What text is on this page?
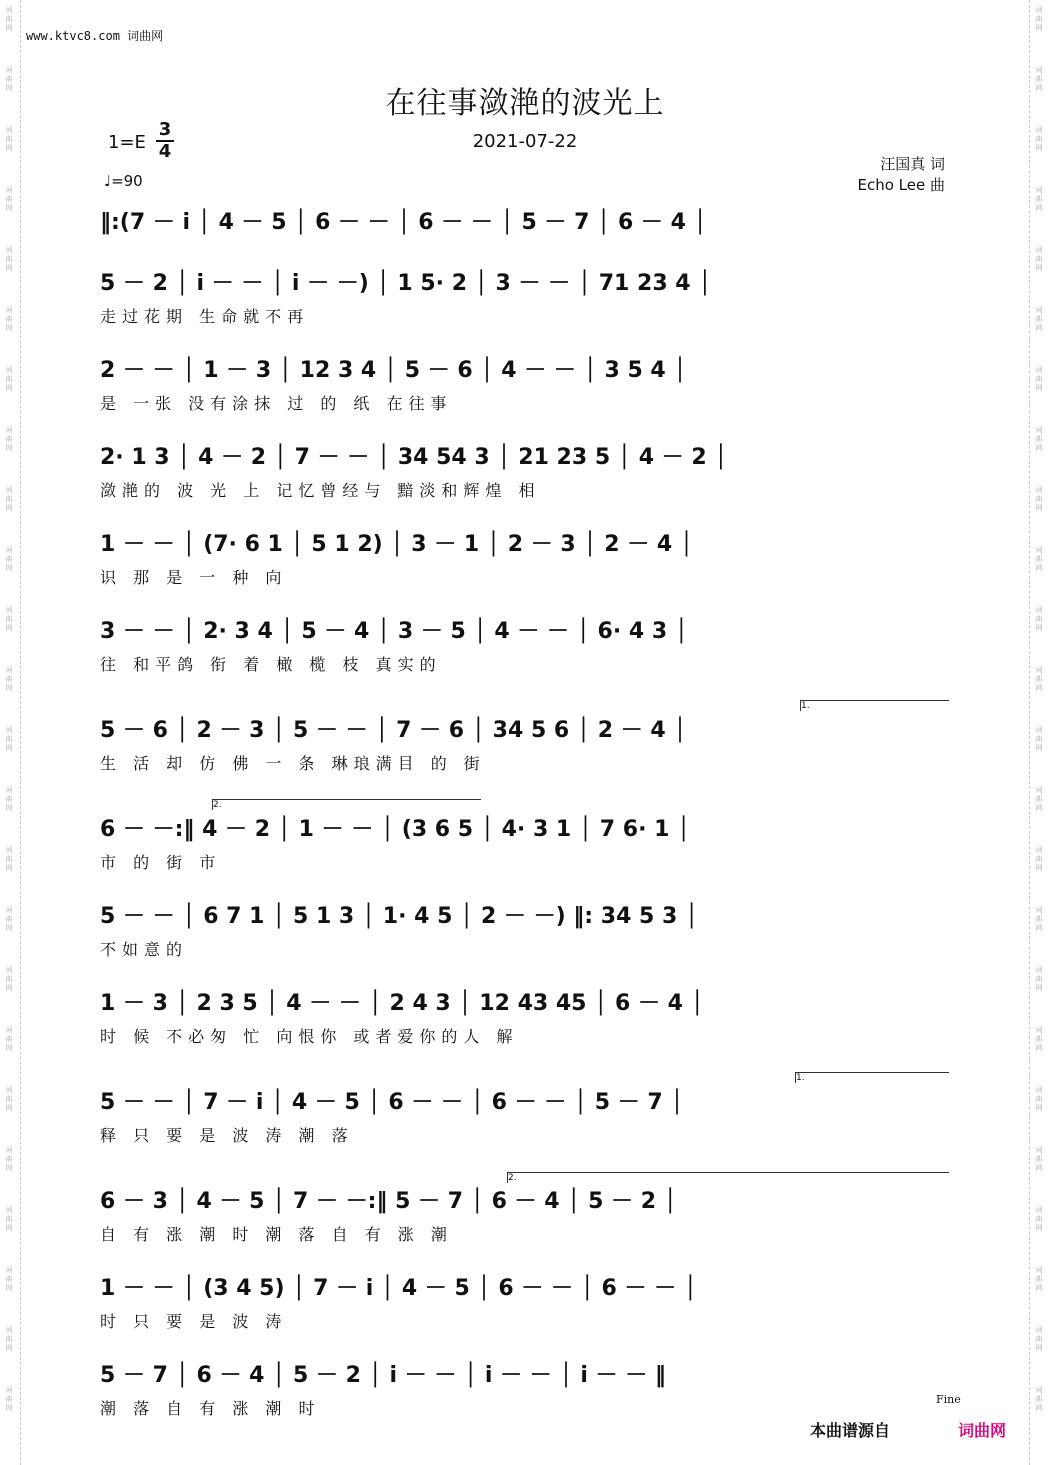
词
曲
网
词
曲
网
词
曲
网
词
曲
网
词
曲
网
词
曲
网
词
曲
网
词
曲
网
词
曲
网
词
曲
网
词
曲
网
词
曲
网
词
曲
网
词
曲
网
词
曲
网
词
曲
网
词
曲
网
词
曲
网
词
曲
网
词
曲
网
词
曲
网
词
曲
网
词
曲
网
词
曲
网
词
曲
网
词
曲
网
词
曲
网
词
曲
网
词
曲
网
词
曲
网
词
曲
网
词
曲
网
词
曲
网
词
曲
网
词
曲
网
词
曲
网
词
曲
网
词
曲
网
词
曲
网
词
曲
网
词
曲
网
词
曲
网
词
曲
网
词
曲
网
词
曲
网
词
曲
网
词
曲
网
词
曲
网
www.ktvc8.com 词曲网
在往事潋滟的波光上
2021-07-22
$1=E \frac{3}{4}$
♩=90
汪国真 词
Echo Lee 曲
‖:(7 － i │ 4 － 5 │ 6 － － │ 6 － － │ 5 － 7 │ 6 － 4 │
5 － 2 │ i － － │ i － －) │ 1 5· 2 │ 3 － － │ 71 23 4 │
走过花期 生命就不再
2 － － │ 1 － 3 │ 12 3 4 │ 5 － 6 │ 4 － － │ 3 5 4 │
是 一张 没有涂抹 过 的 纸 在往事
2· 1 3 │ 4 － 2 │ 7 － － │ 34 54 3 │ 21 23 5 │ 4 － 2 │
潋滟的 波 光 上 记忆曾经与 黯淡和辉煌 相
1 － － │ (7· 6 1 │ 5 1 2) │ 3 － 1 │ 2 － 3 │ 2 － 4 │
识 那 是 一 种 向
3 － － │ 2· 3 4 │ 5 － 4 │ 3 － 5 │ 4 － － │ 6· 4 3 │
往 和平鸽 衔 着 橄 榄 枝 真实的
5 － 6 │ 2 － 3 │ 5 － － │ 7 － 6 │ 34 5 6 │ 2 － 4 │
生 活 却 仿 佛 一 条 琳琅满目 的 街
6 － －:‖ 4 － 2 │ 1 － － │ (3 6 5 │ 4· 3 1 │ 7 6· 1 │
市 的 街 市
5 － － │ 6 7 1 │ 5 1 3 │ 1· 4 5 │ 2 － －) ‖: 34 5 3 │
不如意的
1 － 3 │ 2 3 5 │ 4 － － │ 2 4 3 │ 12 43 45 │ 6 － 4 │
时 候 不必匆 忙 向恨你 或者爱你的人 解
5 － － │ 7 － i │ 4 － 5 │ 6 － － │ 6 － － │ 5 － 7 │
释 只 要 是 波 涛 潮 落
6 － 3 │ 4 － 5 │ 7 － －:‖ 5 － 7 │ 6 － 4 │ 5 － 2 │
自 有 涨 潮 时 潮 落 自 有 涨 潮
1 － － │ (3 4 5) │ 7 － i │ 4 － 5 │ 6 － － │ 6 － － │
时 只 要 是 波 涛
5 － 7 │ 6 － 4 │ 5 － 2 │ i － － │ i － － │ i － － ‖
潮 落 自 有 涨 潮 时
1.
2.
1.
2.
Fine
本曲谱源自	词曲网
